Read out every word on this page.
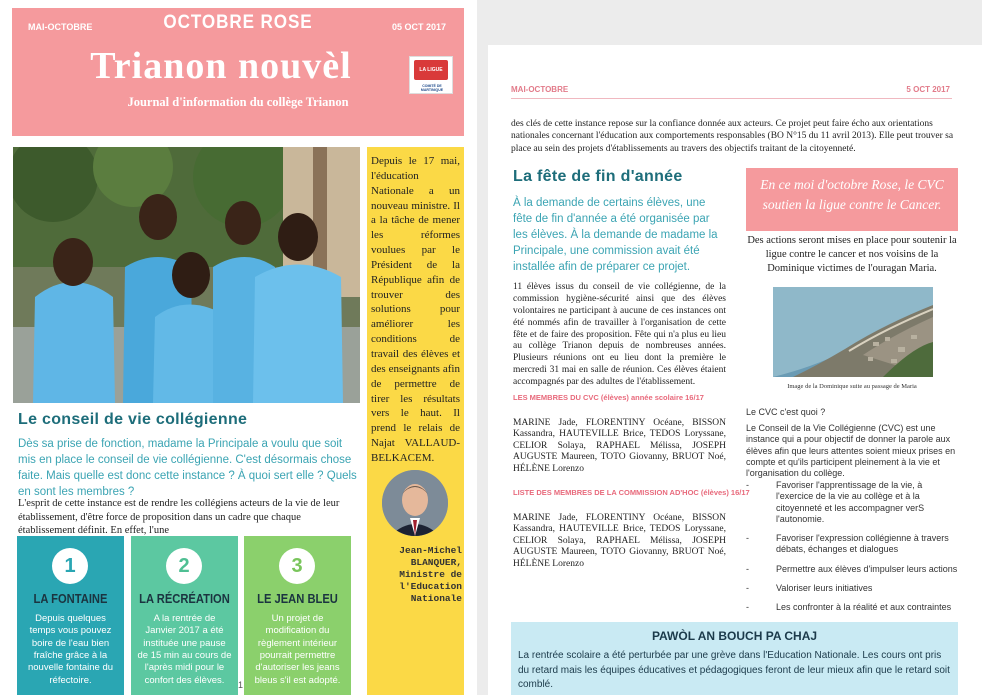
MAI-OCTOBRE	OCTOBRE ROSE	05 OCT 2017
Trianon nouvèl
Journal d'information du collège Trianon
LA LIGUE
COMITÉ DE MARTINIQUE
Depuis le 17 mai, l'éducation Nationale a un nouveau ministre. Il a la tâche de mener les réformes voulues par le Président de la République afin de trouver des solutions pour améliorer les conditions de travail des élèves et des enseignants afin de permettre de tirer les résultats vers le haut. Il prend le relais de Najat VALLAUD-BELKACEM.
Jean-Michel BLANQUER, Ministre de l'Education Nationale
Le conseil de vie collégienne
Dès sa prise de fonction, madame la Principale a voulu que soit mis en place le conseil de vie collégienne. C'est désormais chose faite. Mais quelle est donc cette instance ? À quoi sert elle ? Quels en sont les membres ?
L'esprit de cette instance est de rendre les collégiens acteurs de la vie de leur établissement, d'être force de proposition dans un cadre que chaque établissement définit. En effet, l'une
1
LA FONTAINE
Depuis quelques temps vous pouvez boire de l'eau bien fraîche grâce à la nouvelle fontaine du réfectoire.
2
LA RÉCRÉATION
A la rentrée de Janvier 2017 a été instituée une pause de 15 min au cours de l'après midi pour le confort des élèves.
3
LE JEAN BLEU
Un projet de modification du règlement intérieur pourrait permettre d'autoriser les jeans bleus s'il est adopté.
1
MAI-OCTOBRE	5 OCT 2017
des clés de cette instance repose sur la confiance donnée aux acteurs. Ce projet peut faire écho aux orientations nationales concernant l'éducation aux comportements responsables (BO N°15 du 11 avril 2013). Elle peut trouver sa place au sein des projets d'établissements au travers des objectifs traitant de la citoyenneté.
La fête de fin d'année
À la demande de certains élèves, une fête de fin d'année a été organisée par les élèves. À la demande de madame la Principale, une commission avait été installée afin de préparer ce projet.
11 élèves issus du conseil de vie collégienne, de la commission hygiène-sécurité ainsi que des élèves volontaires ne participant à aucune de ces instances ont été nommés afin de travailler à l'organisation de cette fête et de faire des proposition. Fête qui n'a plus eu lieu au collège Trianon depuis de nombreuses années. Plusieurs réunions ont eu lieu dont la première le mercredi 31 mai en salle de réunion. Ces élèves étaient accompagnés par des adultes de l'établissement.
LES MEMBRES DU CVC (élèves) année scolaire 16/17
MARINE Jade, FLORENTINY Océane, BISSON Kassandra, HAUTEVILLE Brice, TEDOS Loryssane, CELIOR Solaya, RAPHAEL Mélissa, JOSEPH AUGUSTE Maureen, TOTO Giovanny, BRUOT Noé, HÉLÈNE Lorenzo
LISTE DES MEMBRES DE LA COMMISSION AD'HOC (élèves) 16/17
MARINE Jade, FLORENTINY Océane, BISSON Kassandra, HAUTEVILLE Brice, TEDOS Loryssane, CELIOR Solaya, RAPHAEL Mélissa, JOSEPH AUGUSTE Maureen, TOTO Giovanny, BRUOT Noé, HÉLÈNE Lorenzo
En ce moi d'octobre Rose, le CVC soutien la ligue contre le Cancer.
Des actions seront mises en place pour soutenir la ligue contre le cancer et nos voisins de la Dominique victimes de l'ouragan Maria.
Image de la Dominique suite au passage de Maria
Le CVC c'est quoi ?
Le Conseil de la Vie Collégienne (CVC) est une instance qui a pour objectif de donner la parole aux élèves afin que leurs attentes soient mieux prises en compte et qu'ils participent pleinement à la vie et l'organisation du collège.
- Favoriser l'apprentissage de la vie, à l'exercice de la vie au collège et à la citoyenneté et les accompagner verS l'autonomie.
- Favoriser l'expression collégienne à travers débats, échanges et dialogues
- Permettre aux élèves d'impulser leurs actions
- Valoriser leurs initiatives
- Les confronter à la réalité et aux contraintes
PAWÒL AN BOUCH PA CHAJ
La rentrée scolaire a été perturbée par une grève dans l'Education Nationale. Les cours ont pris du retard mais les équipes éducatives et pédagogiques feront de leur mieux afin que le retard soit comblé.
